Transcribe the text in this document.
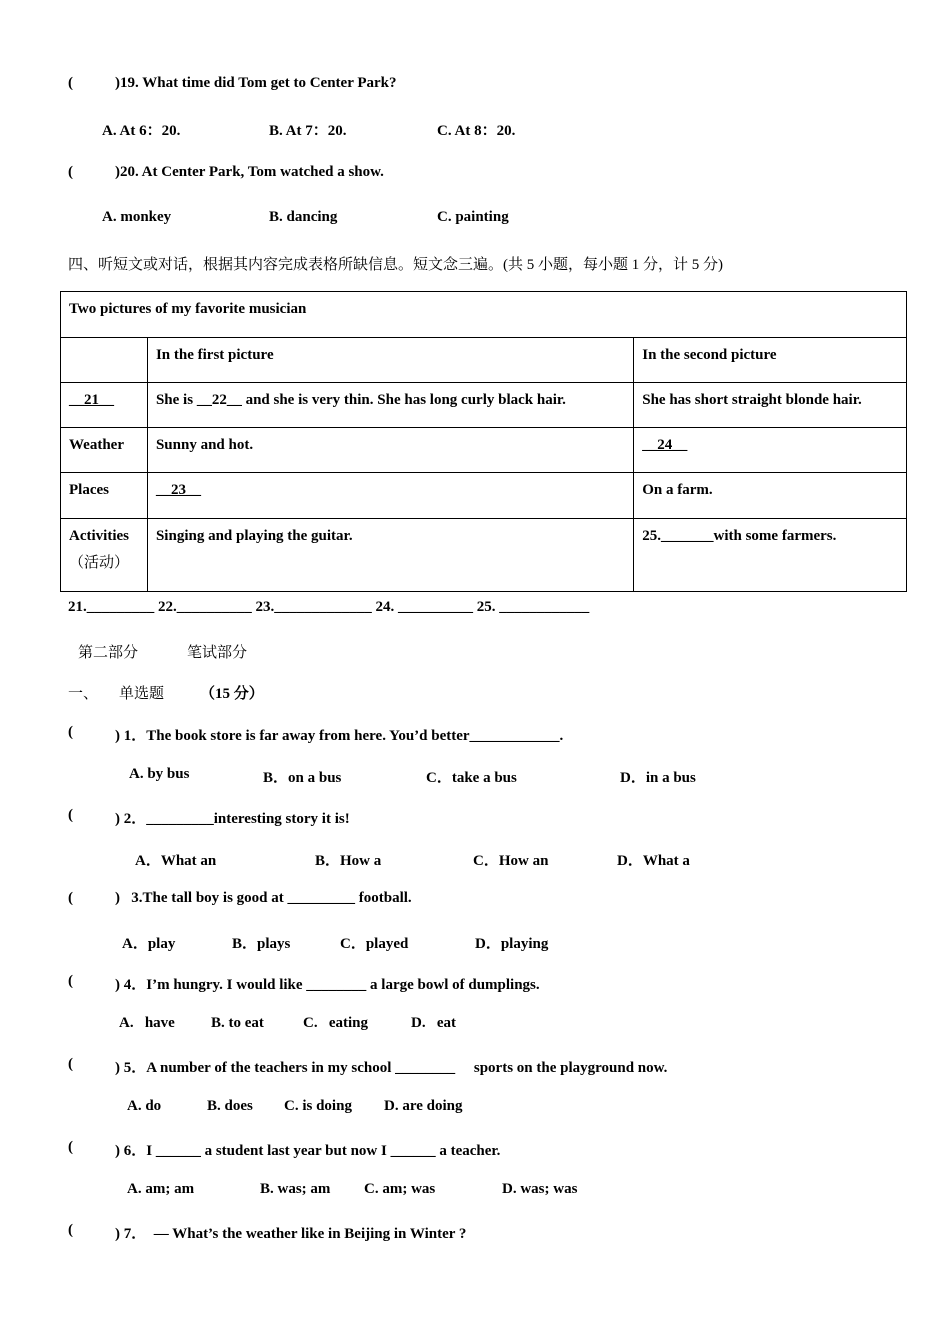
(	)19. What time did Tom get to Center Park?
A. At 6：20.	B. At 7：20.	C. At 8：20.
(	)20. At Center Park, Tom watched a show.
A. monkey	B. dancing	C. painting
四、听短文或对话，根据其内容完成表格所缺信息。短文念三遍。(共 5 小题，每小题 1 分，计 5 分)
Two pictures of my favorite musician		
	In the first picture	In the second picture
__21__	She is __22__ and she is very thin. She has long curly black hair.	She has short straight blonde hair.
Weather	Sunny and hot.	__24__
Places	__23__	On a farm.

Activities
（活动）	Singing and playing the guitar.	25._______with some farmers.
21._________ 22.__________ 23._____________ 24. __________ 25. ____________
第二部分	笔试部分
一、 单选题 （15 分）
(	) 1．The book store is far away from here. You’d better____________.
A. by bus	B．on a bus	C．take a bus	D．in a bus
(	) 2．_________interesting story it is!
A．What an	B．How a	C．How an	D．What a
(	)   3.The tall boy is good at _________ football.
A．play	B．plays	C．played	D．playing
(	) 4．I’m hungry. I would like ________ a large bowl of dumplings.
A.   have B. to eat	C.   eating	D.   eat
(	) 5．A number of the teachers in my school ________     sports on the playground now.
A. do	B. does C. is doing D. are doing
(	) 6．I ______ a student last year but now I ______ a teacher.
A. am; am	B. was; am C. am; was	D. was; was
(	) 7．  — What’s the weather like in Beijing in Winter ?
